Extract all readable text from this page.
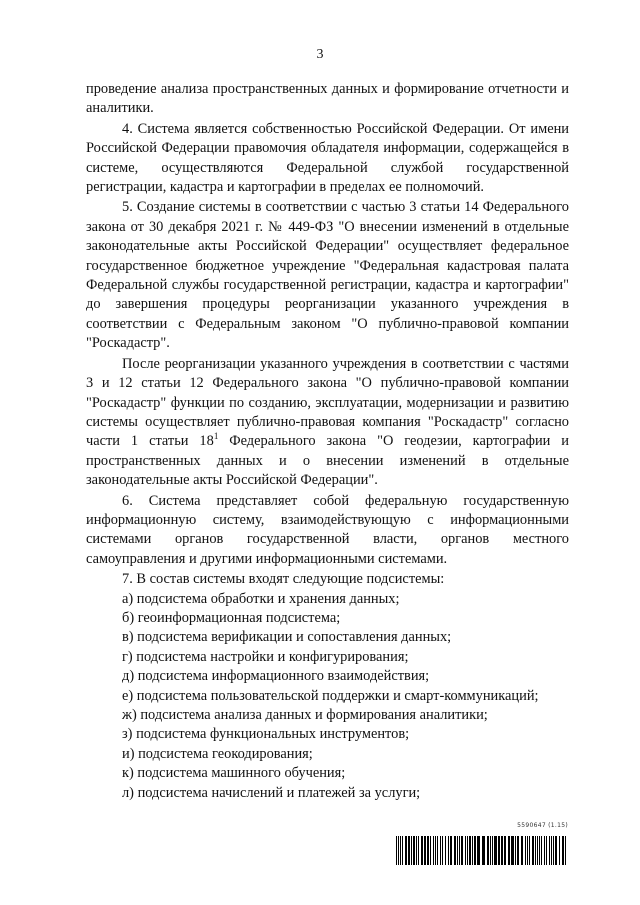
3

проведение анализа пространственных данных и формирование отчетности и аналитики.

4. Система является собственностью Российской Федерации. От имени Российской Федерации правомочия обладателя информации, содержащейся в системе, осуществляются Федеральной службой государственной регистрации, кадастра и картографии в пределах ее полномочий.

5. Создание системы в соответствии с частью 3 статьи 14 Федерального закона от 30 декабря 2021 г. № 449-ФЗ "О внесении изменений в отдельные законодательные акты Российской Федерации" осуществляет федеральное государственное бюджетное учреждение "Федеральная кадастровая палата Федеральной службы государственной регистрации, кадастра и картографии" до завершения процедуры реорганизации указанного учреждения в соответствии с Федеральным законом "О публично-правовой компании "Роскадастр".

После реорганизации указанного учреждения в соответствии с частями 3 и 12 статьи 12 Федерального закона "О публично-правовой компании "Роскадастр" функции по созданию, эксплуатации, модернизации и развитию системы осуществляет публично-правовая компания "Роскадастр" согласно части 1 статьи $18^1$ Федерального закона "О геодезии, картографии и пространственных данных и о внесении изменений в отдельные законодательные акты Российской Федерации".

6. Система представляет собой федеральную государственную информационную систему, взаимодействующую с информационными системами органов государственной власти, органов местного самоуправления и другими информационными системами.

7. В состав системы входят следующие подсистемы:

а) подсистема обработки и хранения данных;

б) геоинформационная подсистема;

в) подсистема верификации и сопоставления данных;

г) подсистема настройки и конфигурирования;

д) подсистема информационного взаимодействия;

е) подсистема пользовательской поддержки и смарт-коммуникаций;

ж) подсистема анализа данных и формирования аналитики;

з) подсистема функциональных инструментов;

и) подсистема геокодирования;

к) подсистема машинного обучения;

л) подсистема начислений и платежей за услуги;

5590647 (1.15)
